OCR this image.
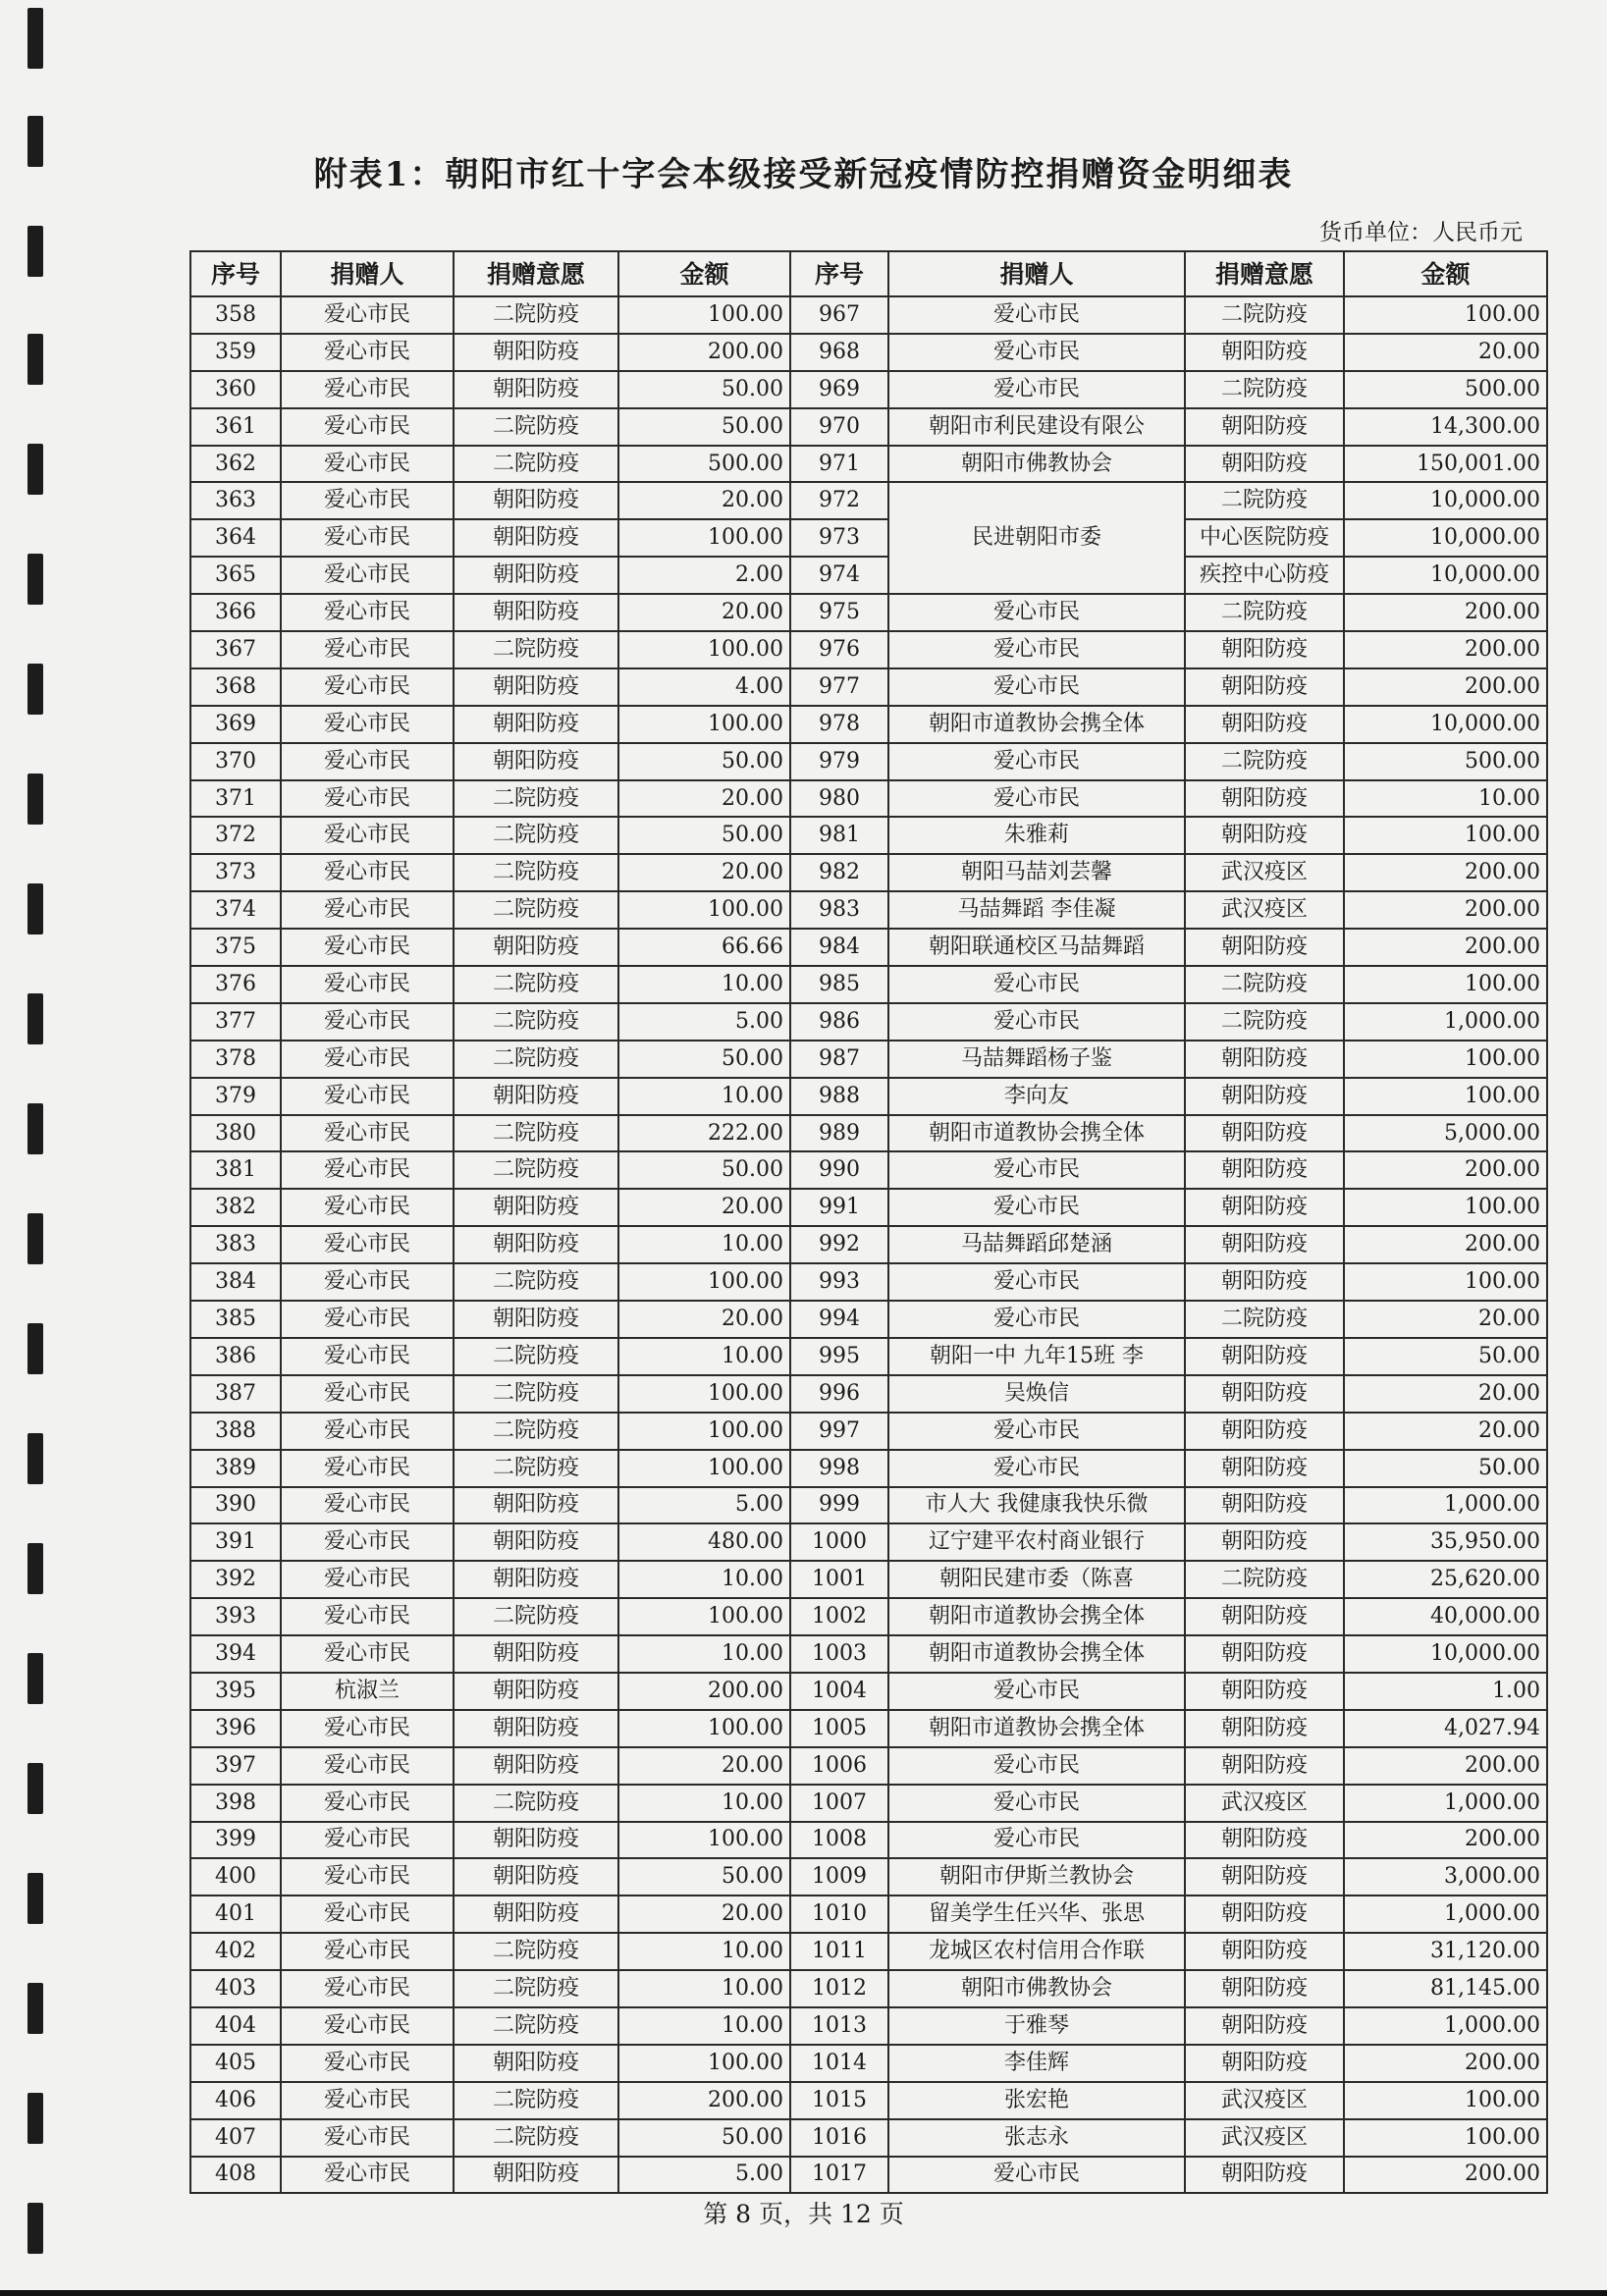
附表1：朝阳市红十字会本级接受新冠疫情防控捐赠资金明细表
货币单位：人民币元
序号	捐赠人	捐赠意愿	金额	序号	捐赠人	捐赠意愿	金额
358	爱心市民	二院防疫	100.00	967	爱心市民	二院防疫	100.00
359	爱心市民	朝阳防疫	200.00	968	爱心市民	朝阳防疫	20.00
360	爱心市民	朝阳防疫	50.00	969	爱心市民	二院防疫	500.00
361	爱心市民	二院防疫	50.00	970	朝阳市利民建设有限公	朝阳防疫	14,300.00
362	爱心市民	二院防疫	500.00	971	朝阳市佛教协会	朝阳防疫	150,001.00
363	爱心市民	朝阳防疫	20.00	972	民进朝阳市委	二院防疫	10,000.00
364	爱心市民	朝阳防疫	100.00	973		中心医院防疫	10,000.00
365	爱心市民	朝阳防疫	2.00	974		疾控中心防疫	10,000.00
366	爱心市民	朝阳防疫	20.00	975	爱心市民	二院防疫	200.00
367	爱心市民	二院防疫	100.00	976	爱心市民	朝阳防疫	200.00
368	爱心市民	朝阳防疫	4.00	977	爱心市民	朝阳防疫	200.00
369	爱心市民	朝阳防疫	100.00	978	朝阳市道教协会携全体	朝阳防疫	10,000.00
370	爱心市民	朝阳防疫	50.00	979	爱心市民	二院防疫	500.00
371	爱心市民	二院防疫	20.00	980	爱心市民	朝阳防疫	10.00
372	爱心市民	二院防疫	50.00	981	朱雅莉	朝阳防疫	100.00
373	爱心市民	二院防疫	20.00	982	朝阳马喆刘芸馨	武汉疫区	200.00
374	爱心市民	二院防疫	100.00	983	马喆舞蹈 李佳凝	武汉疫区	200.00
375	爱心市民	朝阳防疫	66.66	984	朝阳联通校区马喆舞蹈	朝阳防疫	200.00
376	爱心市民	二院防疫	10.00	985	爱心市民	二院防疫	100.00
377	爱心市民	二院防疫	5.00	986	爱心市民	二院防疫	1,000.00
378	爱心市民	二院防疫	50.00	987	马喆舞蹈杨子鉴	朝阳防疫	100.00
379	爱心市民	朝阳防疫	10.00	988	李向友	朝阳防疫	100.00
380	爱心市民	二院防疫	222.00	989	朝阳市道教协会携全体	朝阳防疫	5,000.00
381	爱心市民	二院防疫	50.00	990	爱心市民	朝阳防疫	200.00
382	爱心市民	朝阳防疫	20.00	991	爱心市民	朝阳防疫	100.00
383	爱心市民	朝阳防疫	10.00	992	马喆舞蹈邱楚涵	朝阳防疫	200.00
384	爱心市民	二院防疫	100.00	993	爱心市民	朝阳防疫	100.00
385	爱心市民	朝阳防疫	20.00	994	爱心市民	二院防疫	20.00
386	爱心市民	二院防疫	10.00	995	朝阳一中 九年15班 李	朝阳防疫	50.00
387	爱心市民	二院防疫	100.00	996	吴焕信	朝阳防疫	20.00
388	爱心市民	二院防疫	100.00	997	爱心市民	朝阳防疫	20.00
389	爱心市民	二院防疫	100.00	998	爱心市民	朝阳防疫	50.00
390	爱心市民	朝阳防疫	5.00	999	市人大 我健康我快乐微	朝阳防疫	1,000.00
391	爱心市民	朝阳防疫	480.00	1000	辽宁建平农村商业银行	朝阳防疫	35,950.00
392	爱心市民	朝阳防疫	10.00	1001	朝阳民建市委（陈喜	二院防疫	25,620.00
393	爱心市民	二院防疫	100.00	1002	朝阳市道教协会携全体	朝阳防疫	40,000.00
394	爱心市民	朝阳防疫	10.00	1003	朝阳市道教协会携全体	朝阳防疫	10,000.00
395	杭淑兰	朝阳防疫	200.00	1004	爱心市民	朝阳防疫	1.00
396	爱心市民	朝阳防疫	100.00	1005	朝阳市道教协会携全体	朝阳防疫	4,027.94
397	爱心市民	朝阳防疫	20.00	1006	爱心市民	朝阳防疫	200.00
398	爱心市民	二院防疫	10.00	1007	爱心市民	武汉疫区	1,000.00
399	爱心市民	朝阳防疫	100.00	1008	爱心市民	朝阳防疫	200.00
400	爱心市民	朝阳防疫	50.00	1009	朝阳市伊斯兰教协会	朝阳防疫	3,000.00
401	爱心市民	朝阳防疫	20.00	1010	留美学生任兴华、张思	朝阳防疫	1,000.00
402	爱心市民	二院防疫	10.00	1011	龙城区农村信用合作联	朝阳防疫	31,120.00
403	爱心市民	二院防疫	10.00	1012	朝阳市佛教协会	朝阳防疫	81,145.00
404	爱心市民	二院防疫	10.00	1013	于雅琴	朝阳防疫	1,000.00
405	爱心市民	朝阳防疫	100.00	1014	李佳辉	朝阳防疫	200.00
406	爱心市民	二院防疫	200.00	1015	张宏艳	武汉疫区	100.00
407	爱心市民	二院防疫	50.00	1016	张志永	武汉疫区	100.00
408	爱心市民	朝阳防疫	5.00	1017	爱心市民	朝阳防疫	200.00
第 8 页，共 12 页
